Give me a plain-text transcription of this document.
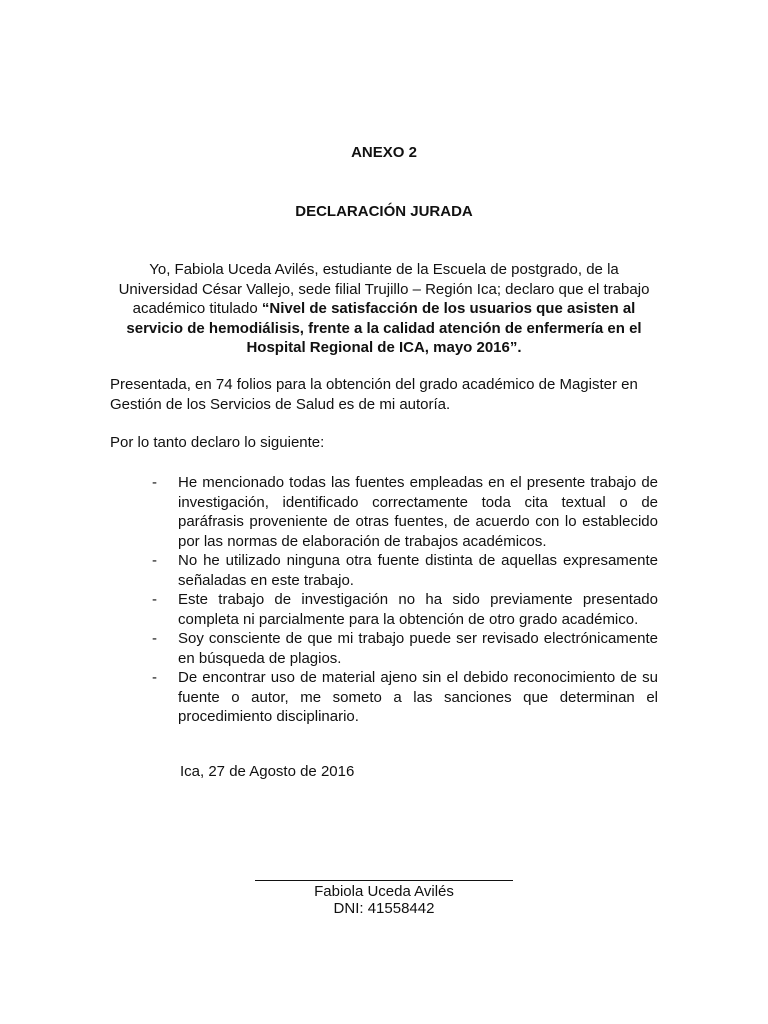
ANEXO 2
DECLARACIÓN JURADA
Yo, Fabiola Uceda Avilés, estudiante de la Escuela de postgrado, de la Universidad César Vallejo, sede filial Trujillo – Región Ica; declaro que el trabajo académico titulado “Nivel de satisfacción de los usuarios que asisten al servicio de hemodiálisis, frente a la calidad atención de enfermería en el Hospital Regional de ICA, mayo 2016”.
Presentada, en 74 folios para la obtención del grado académico de Magister en Gestión de los Servicios de Salud es de mi autoría.
Por lo tanto declaro lo siguiente:
- He mencionado todas las fuentes empleadas en el presente trabajo de investigación, identificado correctamente toda cita textual o de paráfrasis proveniente de otras fuentes, de acuerdo con lo establecido por las normas de elaboración de trabajos académicos.
- No he utilizado ninguna otra fuente distinta de aquellas expresamente señaladas en este trabajo.
- Este trabajo de investigación no ha sido previamente presentado completa ni parcialmente para la obtención de otro grado académico.
- Soy consciente de que mi trabajo puede ser revisado electrónicamente en búsqueda de plagios.
- De encontrar uso de material ajeno sin el debido reconocimiento de su fuente o autor, me someto a las sanciones que determinan el procedimiento disciplinario.
Ica, 27 de Agosto de 2016
Fabiola Uceda Avilés
DNI: 41558442
